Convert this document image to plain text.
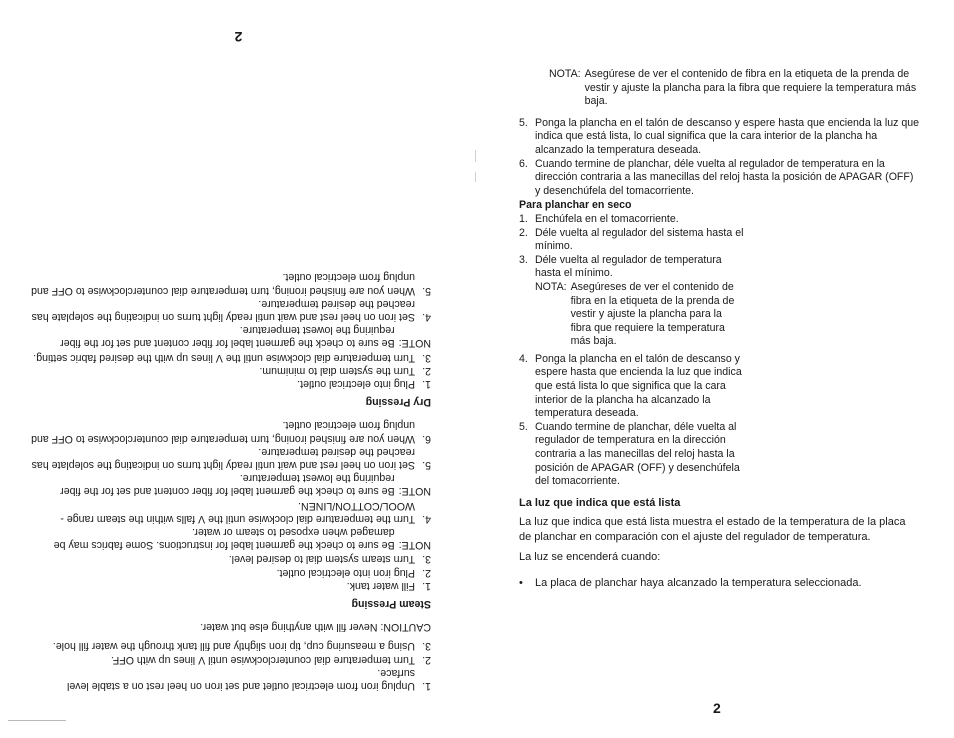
1.
Unplug iron from electrical outlet and set iron on heel rest on a stable level surface.
2.
Turn temperature dial counterclockwise until V lines up with OFF.
3.
Using a measuring cup, tip iron slightly and fill tank through the water fill hole.
CAUTION: Never fill with anything else but water.
Steam Pressing
1.
Fill water tank.
2.
Plug iron into electrical outlet.
3.
Turn steam system dial to desired level.
NOTE:
Be sure to check the garment label for instructions. Some fabrics may be damaged when exposed to steam or water.
4.
Turn the temperature dial clockwise until the V falls within the steam range - WOOL/COTTON/LINEN.
NOTE:
Be sure to check the garment label for fiber content and set for the fiber requiring the lowest temperature.
5.
Set iron on heel rest and wait until ready light turns on indicating the soleplate has reached the desired temperature.
6.
When you are finished ironing, turn temperature dial counterclockwise to OFF and unplug from electrical outlet.
Dry Pressing
1.
Plug into electrical outlet.
2.
Turn the system dial to minimum.
3.
Turn temperature dial clockwise until the V lines up with the desired fabric setting.
NOTE:
Be sure to check the garment label for fiber content and set for the fiber requiring the lowest temperature.
4.
Set iron on heel rest and wait until ready light turns on indicating the soleplate has reached the desired temperature.
5.
When you are finished ironing, turn temperature dial counterclockwise to OFF and unplug from electrical outlet.
2
NOTA: Asegúrese de ver el contenido de fibra en la etiqueta de la prenda de vestir y ajuste la plancha para la fibra que requiere la temperatura más baja.
5. Ponga la plancha en el talón de descanso y espere hasta que encienda la luz que indica que está lista, lo cual significa que la cara interior de la plancha ha alcanzado la temperatura deseada.
6. Cuando termine de planchar, déle vuelta al regulador de temperatura en la dirección contraria a las manecillas del reloj hasta la posición de APAGAR (OFF) y desenchúfela del tomacorriente.
Para planchar en seco
1. Enchúfela en el tomacorriente.
2. Déle vuelta al regulador del sistema hasta el mínimo.
3. Déle vuelta al regulador de temperatura hasta el mínimo.
NOTA: Asegúreses de ver el contenido de fibra en la etiqueta de la prenda de vestir y ajuste la plancha para la fibra que requiere la temperatura más baja.
4. Ponga la plancha en el talón de descanso y espere hasta que encienda la luz que indica que está lista lo que significa que la cara interior de la plancha ha alcanzado la temperatura deseada.
5. Cuando termine de planchar, déle vuelta al regulador de temperatura en la dirección contraria a las manecillas del reloj hasta la posición de APAGAR (OFF) y desenchúfela del tomacorriente.
La luz que indica que está lista
La luz que indica que está lista muestra el estado de la temperatura de la placa de planchar en comparación con el ajuste del regulador de temperatura.
La luz se encenderá cuando:
•	La placa de planchar haya alcanzado la temperatura seleccionada.
2
